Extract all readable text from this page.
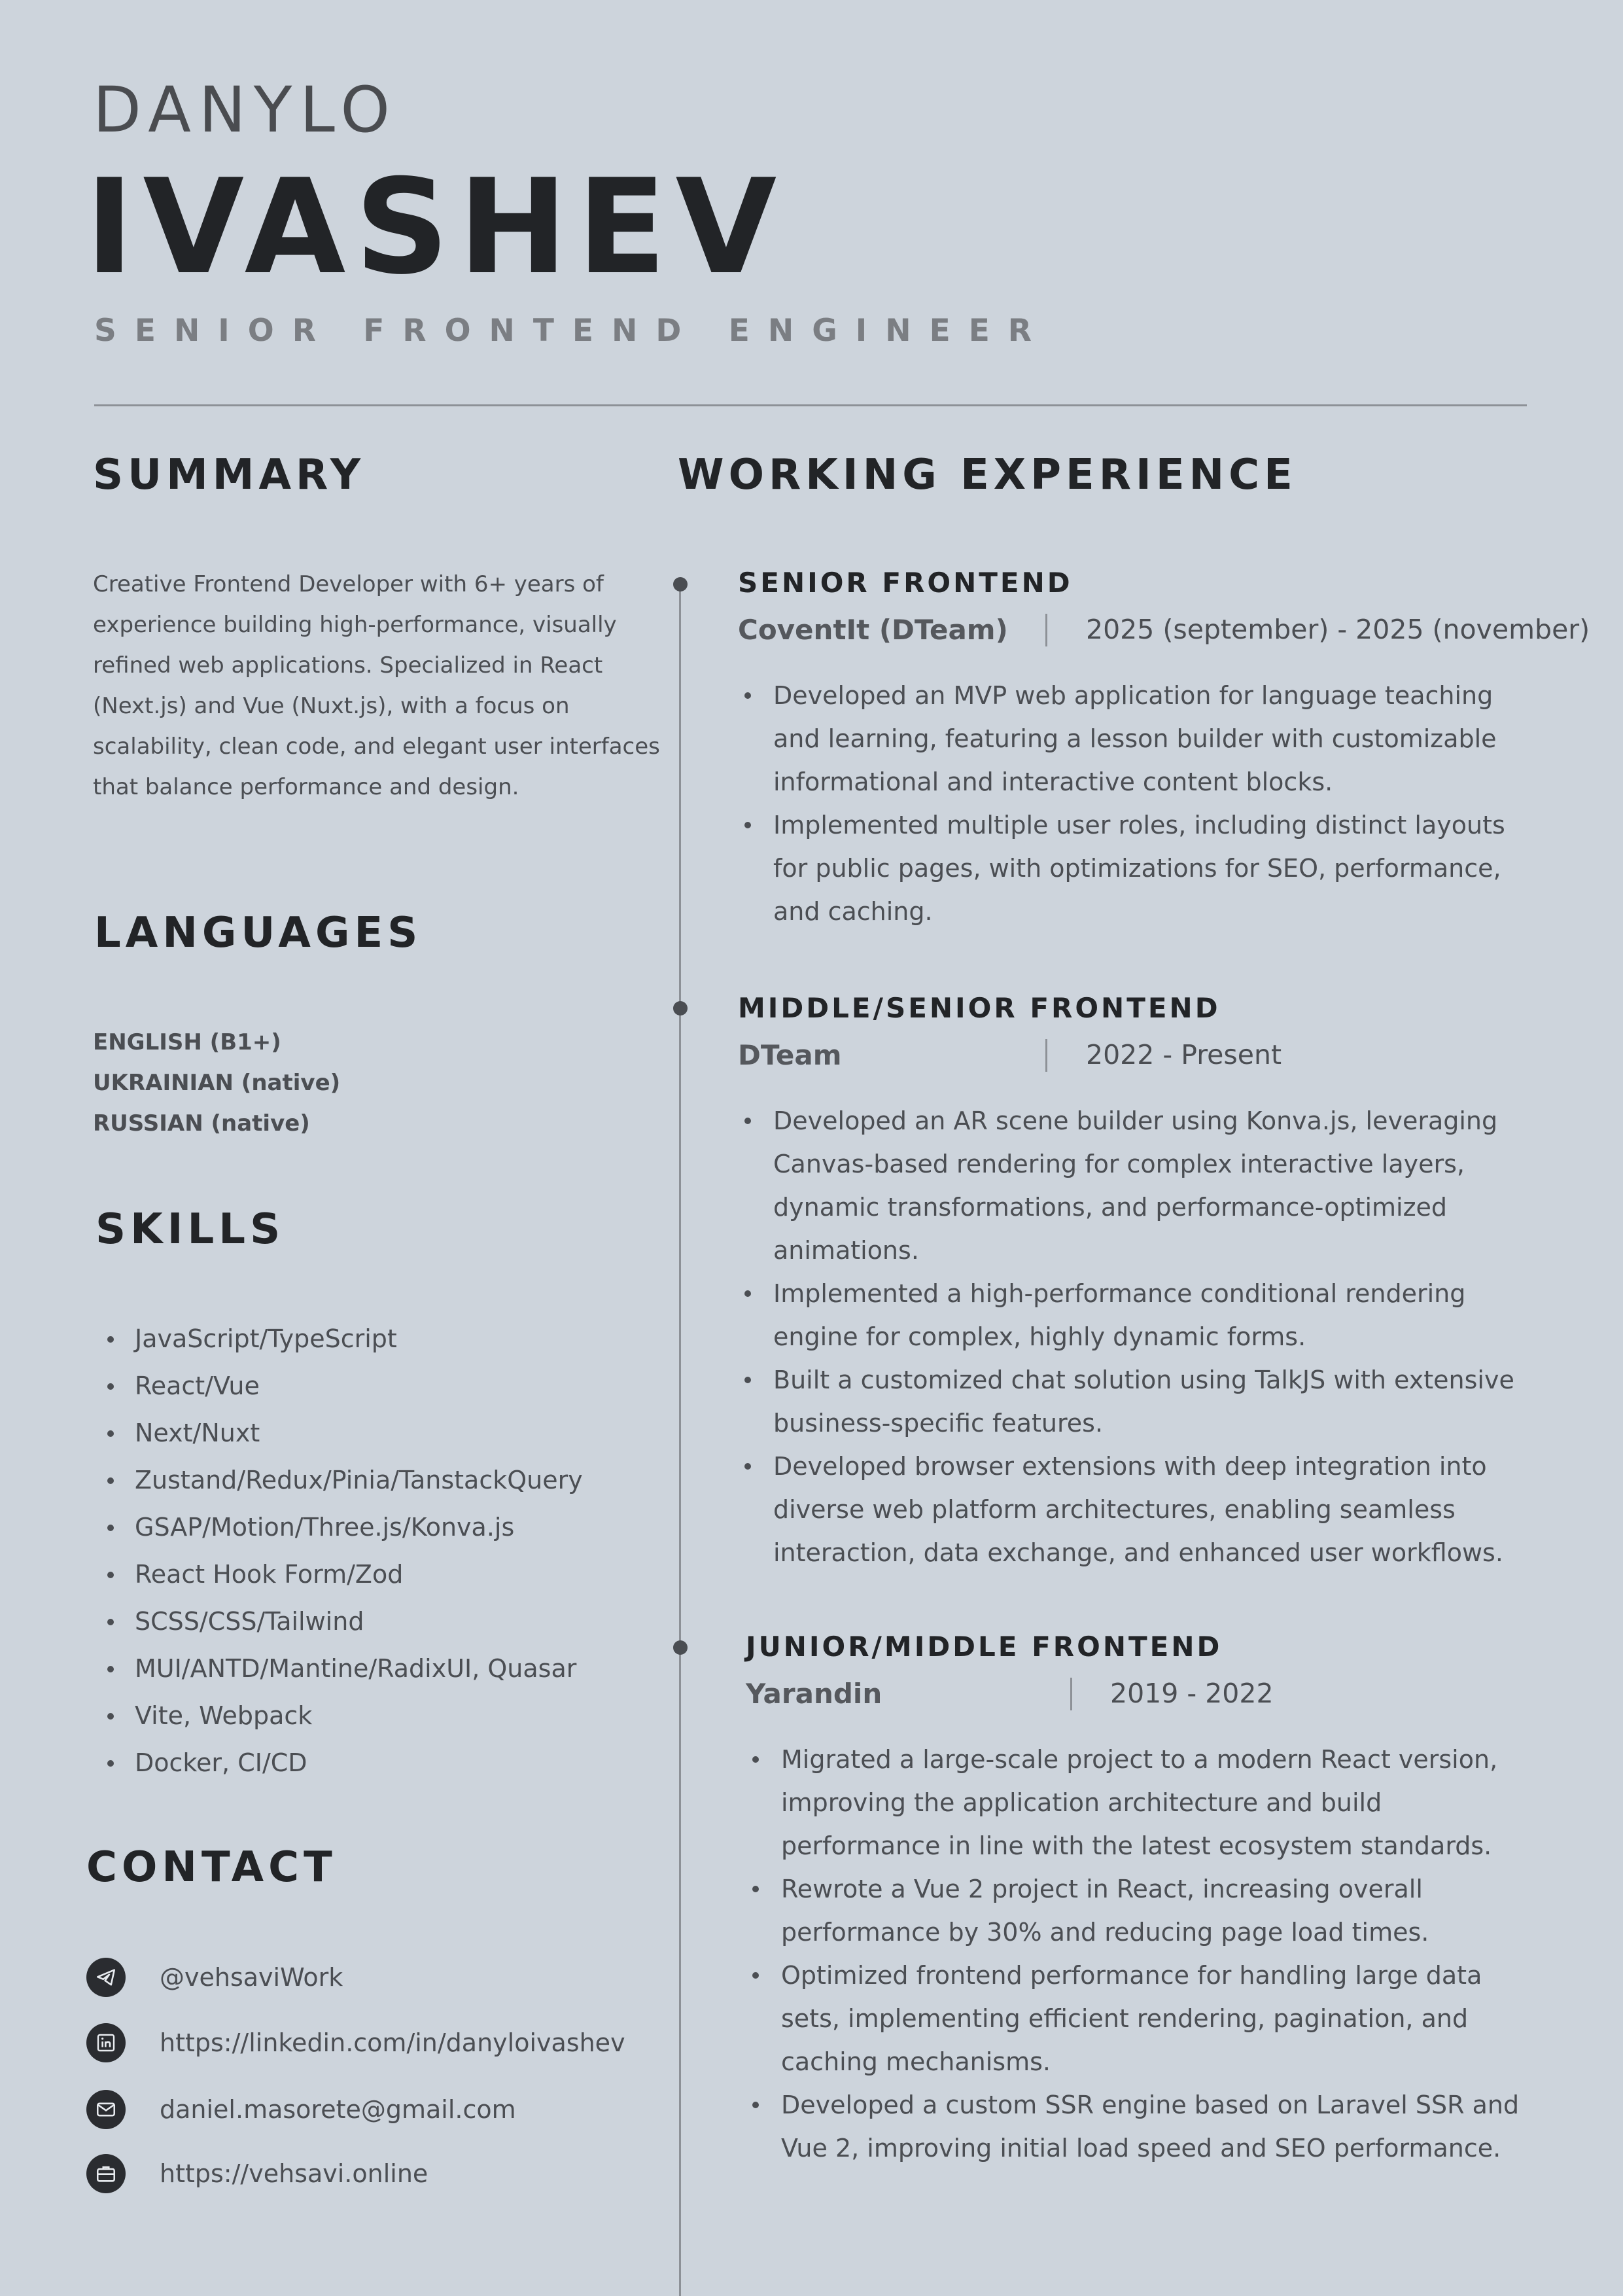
DANYLO
IVASHEV
SENIOR FRONTEND ENGINEER
SUMMARY
Creative Frontend Developer with 6+ years of experience building high-performance, visually refined web applications. Specialized in React (Next.js) and Vue (Nuxt.js), with a focus on scalability, clean code, and elegant user interfaces that balance performance and design.
LANGUAGES
ENGLISH (B1+)
UKRAINIAN (native)
RUSSIAN (native)
SKILLS
JavaScript/TypeScript
React/Vue
Next/Nuxt
Zustand/Redux/Pinia/TanstackQuery
GSAP/Motion/Three.js/Konva.js
React Hook Form/Zod
SCSS/CSS/Tailwind
MUI/ANTD/Mantine/RadixUI, Quasar
Vite, Webpack
Docker, CI/CD
CONTACT
@vehsaviWork
https://linkedin.com/in/danyloivashev
daniel.masorete@gmail.com
https://vehsavi.online
WORKING EXPERIENCE
SENIOR FRONTEND
CoventIt (DTeam)	2025 (september) - 2025 (november)
Developed an MVP web application for language teaching and learning, featuring a lesson builder with customizable informational and interactive content blocks.
Implemented multiple user roles, including distinct layouts for public pages, with optimizations for SEO, performance, and caching.
MIDDLE/SENIOR FRONTEND
DTeam	2022 - Present
Developed an AR scene builder using Konva.js, leveraging Canvas-based rendering for complex interactive layers, dynamic transformations, and performance-optimized animations.
Implemented a high-performance conditional rendering engine for complex, highly dynamic forms.
Built a customized chat solution using TalkJS with extensive business-specific features.
Developed browser extensions with deep integration into diverse web platform architectures, enabling seamless interaction, data exchange, and enhanced user workflows.
JUNIOR/MIDDLE FRONTEND
Yarandin	2019 - 2022
Migrated a large-scale project to a modern React version, improving the application architecture and build performance in line with the latest ecosystem standards.
Rewrote a Vue 2 project in React, increasing overall performance by 30% and reducing page load times.
Optimized frontend performance for handling large data sets, implementing efficient rendering, pagination, and caching mechanisms.
Developed a custom SSR engine based on Laravel SSR and Vue 2, improving initial load speed and SEO performance.
